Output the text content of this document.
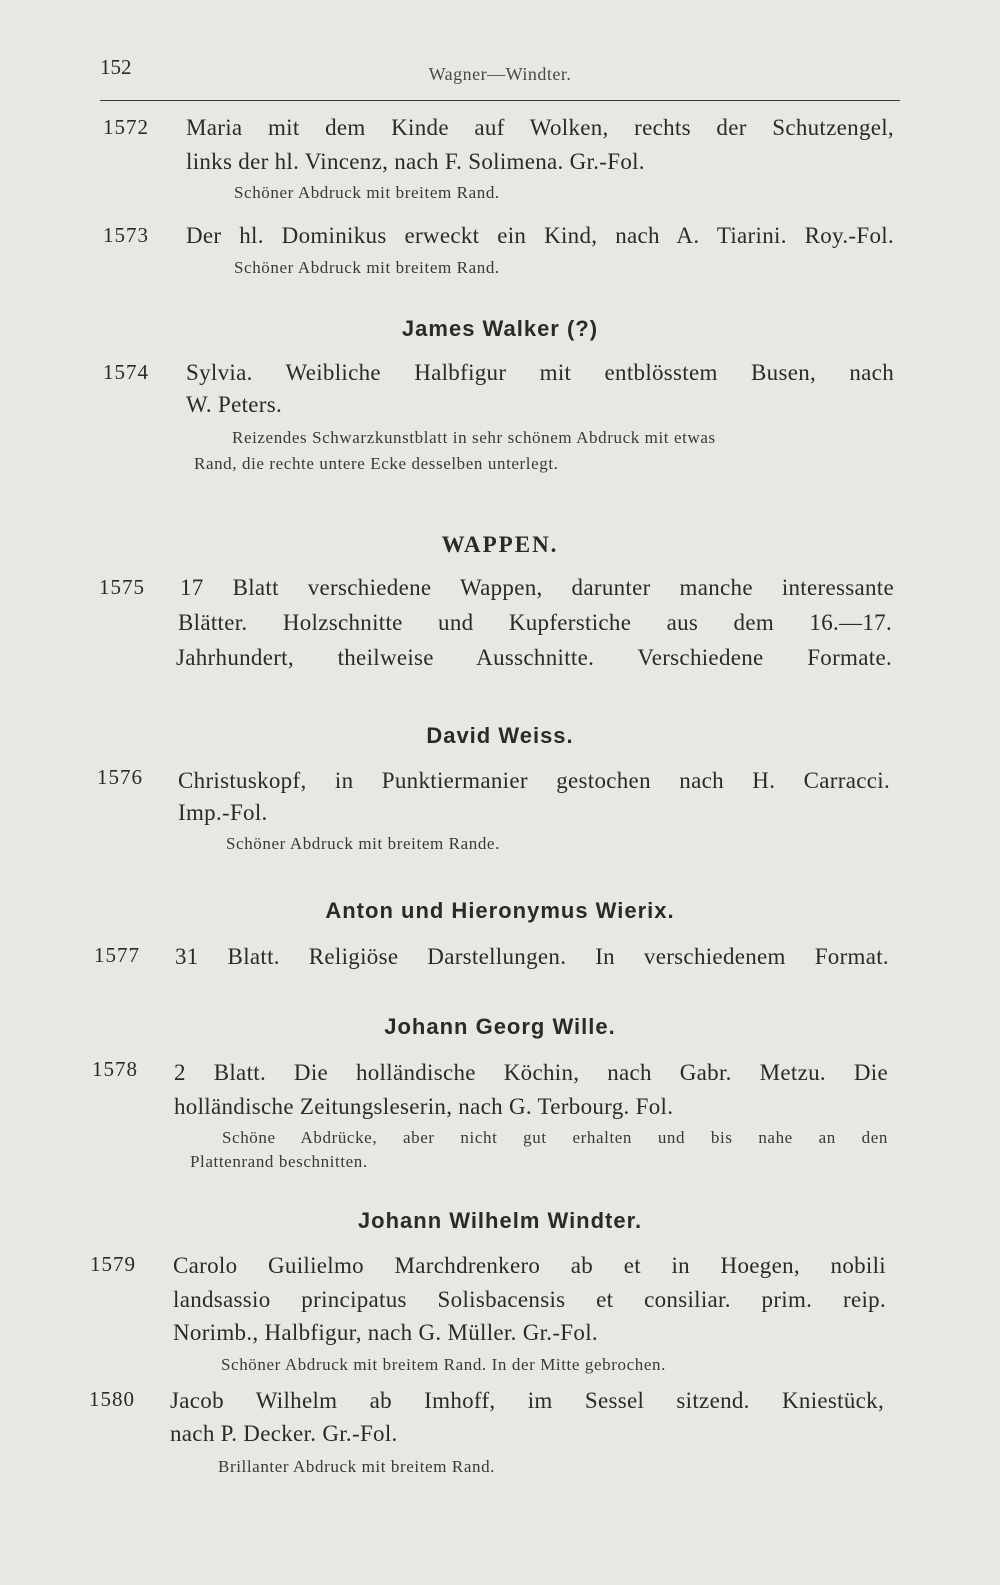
152	Wagner—Windter.
1572 Maria mit dem Kinde auf Wolken, rechts der Schutzengel,
links der hl. Vincenz, nach F. Solimena. Gr.-Fol.
Schöner Abdruck mit breitem Rand.
1573 Der hl. Dominikus erweckt ein Kind, nach A. Tiarini. Roy.-Fol.
Schöner Abdruck mit breitem Rand.
James Walker (?)
1574 Sylvia. Weibliche Halbfigur mit entblösstem Busen, nach
W. Peters.
Reizendes Schwarzkunstblatt in sehr schönem Abdruck mit etwas
Rand, die rechte untere Ecke desselben unterlegt.
WAPPEN.
1575 17 Blatt verschiedene Wappen, darunter manche interessante
Blätter. Holzschnitte und Kupferstiche aus dem 16.—17.
Jahrhundert, theilweise Ausschnitte. Verschiedene Formate.
David Weiss.
1576 Christuskopf, in Punktiermanier gestochen nach H. Carracci.
Imp.-Fol.
Schöner Abdruck mit breitem Rande.
Anton und Hieronymus Wierix.
1577 31 Blatt. Religiöse Darstellungen. In verschiedenem Format.
Johann Georg Wille.
1578 2 Blatt. Die holländische Köchin, nach Gabr. Metzu. Die
holländische Zeitungsleserin, nach G. Terbourg. Fol.
Schöne Abdrücke, aber nicht gut erhalten und bis nahe an den
Plattenrand beschnitten.
Johann Wilhelm Windter.
1579 Carolo Guilielmo Marchdrenkero ab et in Hoegen, nobili
landsassio principatus Solisbacensis et consiliar. prim. reip.
Norimb., Halbfigur, nach G. Müller. Gr.-Fol.
Schöner Abdruck mit breitem Rand. In der Mitte gebrochen.
1580 Jacob Wilhelm ab Imhoff, im Sessel sitzend. Kniestück,
nach P. Decker. Gr.-Fol.
Brillanter Abdruck mit breitem Rand.
